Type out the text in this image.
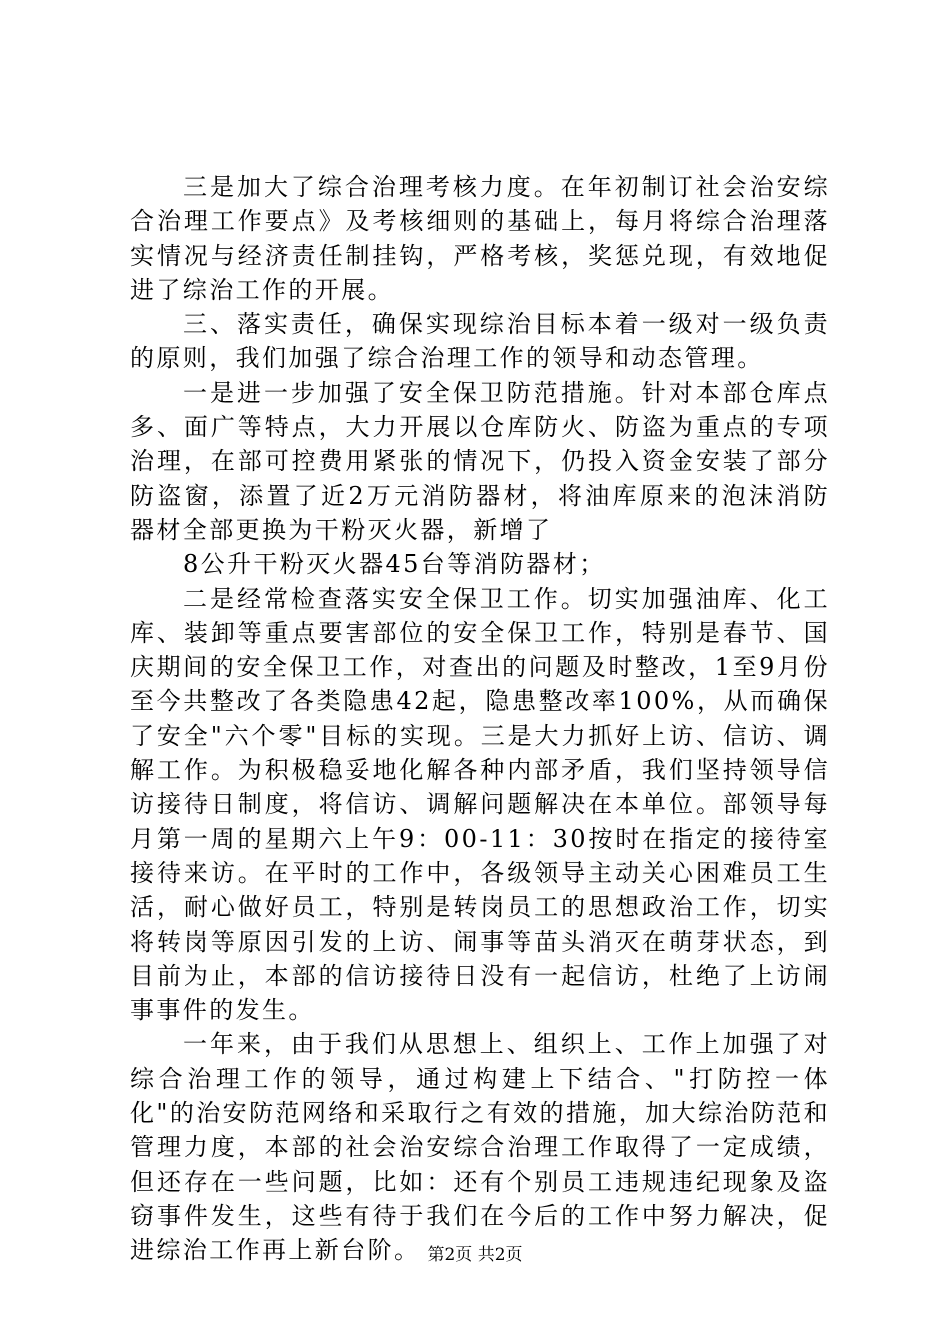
三是加大了综合治理考核力度。在年初制订社会治安综合治理工作要点》及考核细则的基础上，每月将综合治理落实情况与经济责任制挂钩，严格考核，奖惩兑现，有效地促进了综治工作的开展。

三、落实责任，确保实现综治目标本着一级对一级负责的原则，我们加强了综合治理工作的领导和动态管理。

一是进一步加强了安全保卫防范措施。针对本部仓库点多、面广等特点，大力开展以仓库防火、防盗为重点的专项治理，在部可控费用紧张的情况下，仍投入资金安装了部分防盗窗，添置了近2万元消防器材，将油库原来的泡沫消防器材全部更换为干粉灭火器，新增了

8公升干粉灭火器45台等消防器材；

二是经常检查落实安全保卫工作。切实加强油库、化工库、装卸等重点要害部位的安全保卫工作，特别是春节、国庆期间的安全保卫工作，对查出的问题及时整改，1至9月份至今共整改了各类隐患42起，隐患整改率100%，从而确保了安全"六个零"目标的实现。三是大力抓好上访、信访、调解工作。为积极稳妥地化解各种内部矛盾，我们坚持领导信访接待日制度，将信访、调解问题解决在本单位。部领导每月第一周的星期六上午9：00-11：30按时在指定的接待室接待来访。在平时的工作中，各级领导主动关心困难员工生活，耐心做好员工，特别是转岗员工的思想政治工作，切实将转岗等原因引发的上访、闹事等苗头消灭在萌芽状态，到目前为止，本部的信访接待日没有一起信访，杜绝了上访闹事事件的发生。

一年来，由于我们从思想上、组织上、工作上加强了对综合治理工作的领导，通过构建上下结合、"打防控一体化"的治安防范网络和采取行之有效的措施，加大综治防范和管理力度，本部的社会治安综合治理工作取得了一定成绩，但还存在一些问题，比如：还有个别员工违规违纪现象及盗窃事件发生，这些有待于我们在今后的工作中努力解决，促进综治工作再上新台阶。 第2页 共2页
